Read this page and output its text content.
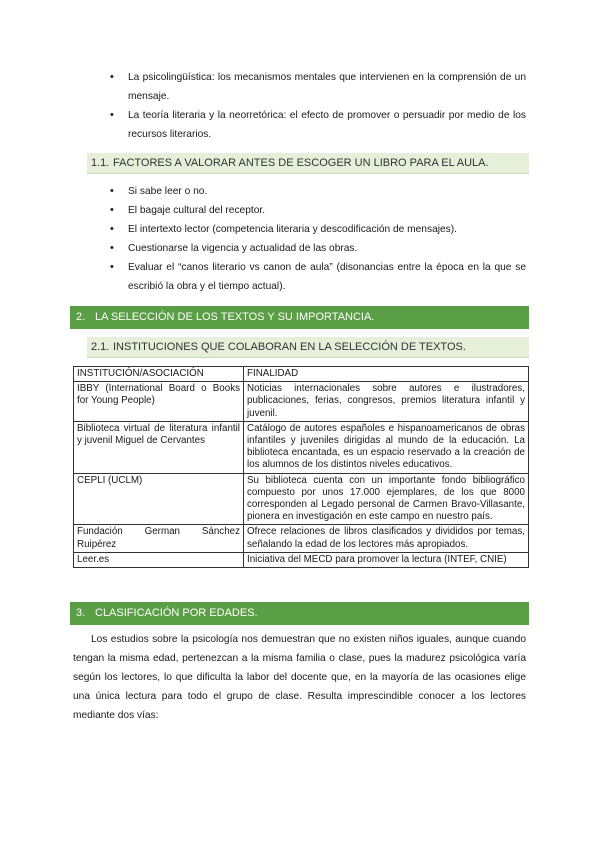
• La psicolingüística: los mecanismos mentales que intervienen en la comprensión de un mensaje.
• La teoría literaria y la neorretórica: el efecto de promover o persuadir por medio de los recursos literarios.
1.1. FACTORES A VALORAR ANTES DE ESCOGER UN LIBRO PARA EL AULA.
• Si sabe leer o no.
• El bagaje cultural del receptor.
• El intertexto lector (competencia literaria y descodificación de mensajes).
• Cuestionarse la vigencia y actualidad de las obras.
• Evaluar el “canos literario vs canon de aula” (disonancias entre la época en la que se escribió la obra y el tiempo actual).
2. LA SELECCIÓN DE LOS TEXTOS Y SU IMPORTANCIA.
2.1. INSTITUCIONES QUE COLABORAN EN LA SELECCIÓN DE TEXTOS.
INSTITUCIÓN/ASOCIACIÓN	FINALIDAD
IBBY (International Board o Books for Young People)	Noticias internacionales sobre autores e ilustradores, publicaciones, ferias, congresos, premios literatura infantil y juvenil.
Biblioteca virtual de literatura infantil y juvenil Miguel de Cervantes	Catálogo de autores españoles e hispanoamericanos de obras infantiles y juveniles dirigidas al mundo de la educación. La biblioteca encantada, es un espacio reservado a la creación de los alumnos de los distintos niveles educativos.
CEPLI (UCLM)	Su biblioteca cuenta con un importante fondo bibliográfico compuesto por unos 17.000 ejemplares, de los que 8000 corresponden al Legado personal de Carmen Bravo-Villasante, pionera en investigación en este campo en nuestro país.
Fundación German Sánchez Ruipérez	Ofrece relaciones de libros clasificados y divididos por temas, señalando la edad de los lectores más apropiados.
Leer.es	Iniciativa del MECD para promover la lectura (INTEF, CNIE)
3. CLASIFICACIÓN POR EDADES.

Los estudios sobre la psicología nos demuestran que no existen niños iguales, aunque cuando tengan la misma edad, pertenezcan a la misma familia o clase, pues la madurez psicológica varía según los lectores, lo que dificulta la labor del docente que, en la mayoría de las ocasiones elige una única lectura para todo el grupo de clase. Resulta imprescindible conocer a los lectores mediante dos vías:
